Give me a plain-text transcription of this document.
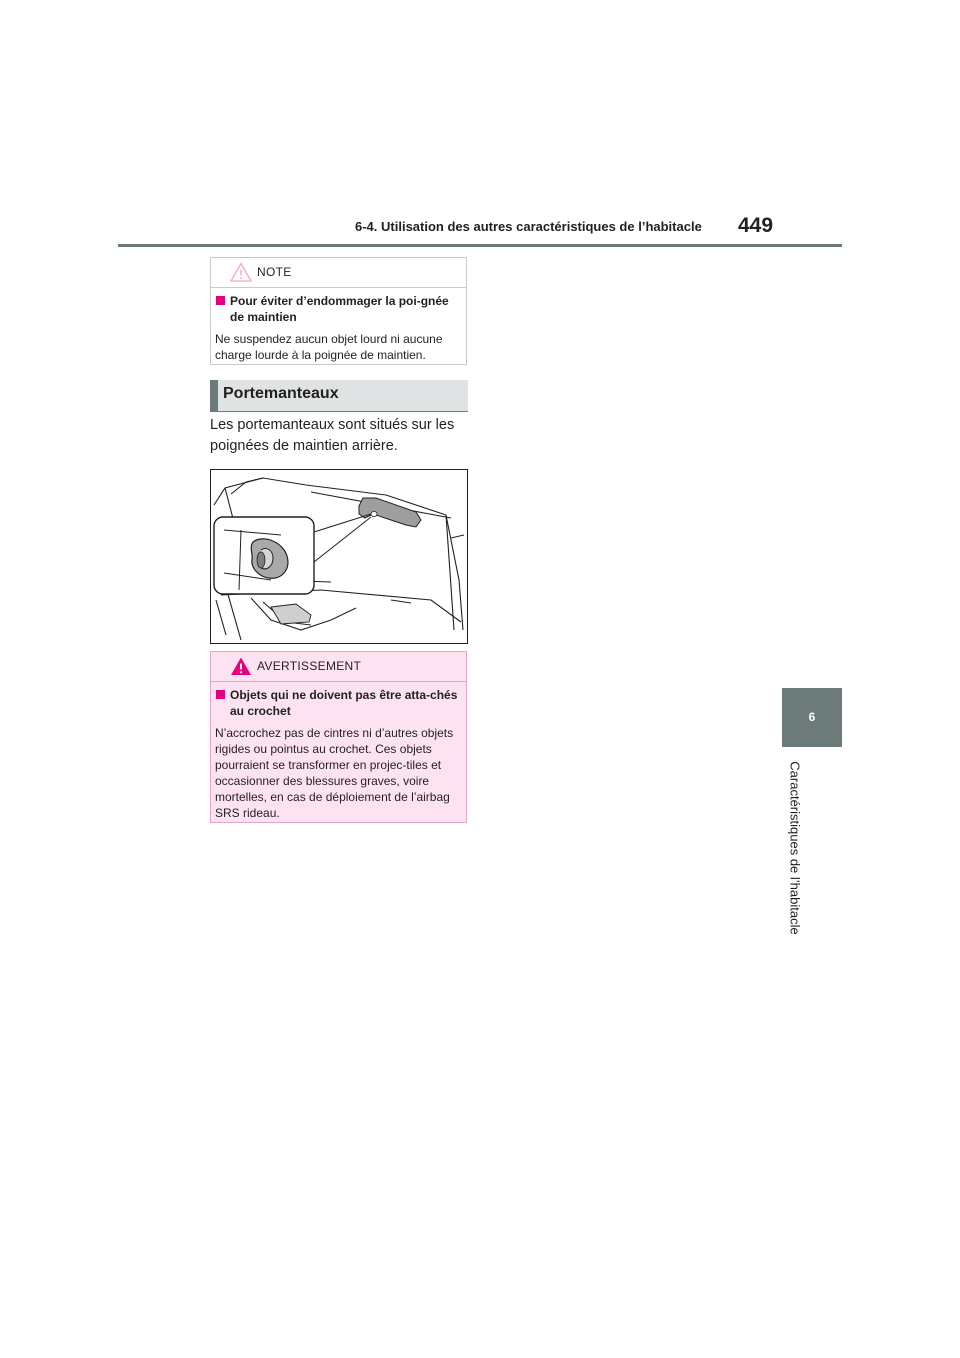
6-4. Utilisation des autres caractéristiques de l’habitacle 449
6
Caractéristiques de l’habitacle
NOTE
Pour éviter d’endommager la poi-gnée de maintien
Ne suspendez aucun objet lourd ni aucune charge lourde à la poignée de maintien.
Portemanteaux
Les portemanteaux sont situés sur les poignées de maintien arrière.
AVERTISSEMENT
Objets qui ne doivent pas être atta-chés au crochet
N’accrochez pas de cintres ni d’autres objets rigides ou pointus au crochet. Ces objets pourraient se transformer en projec-tiles et occasionner des blessures graves, voire mortelles, en cas de déploiement de l’airbag SRS rideau.
